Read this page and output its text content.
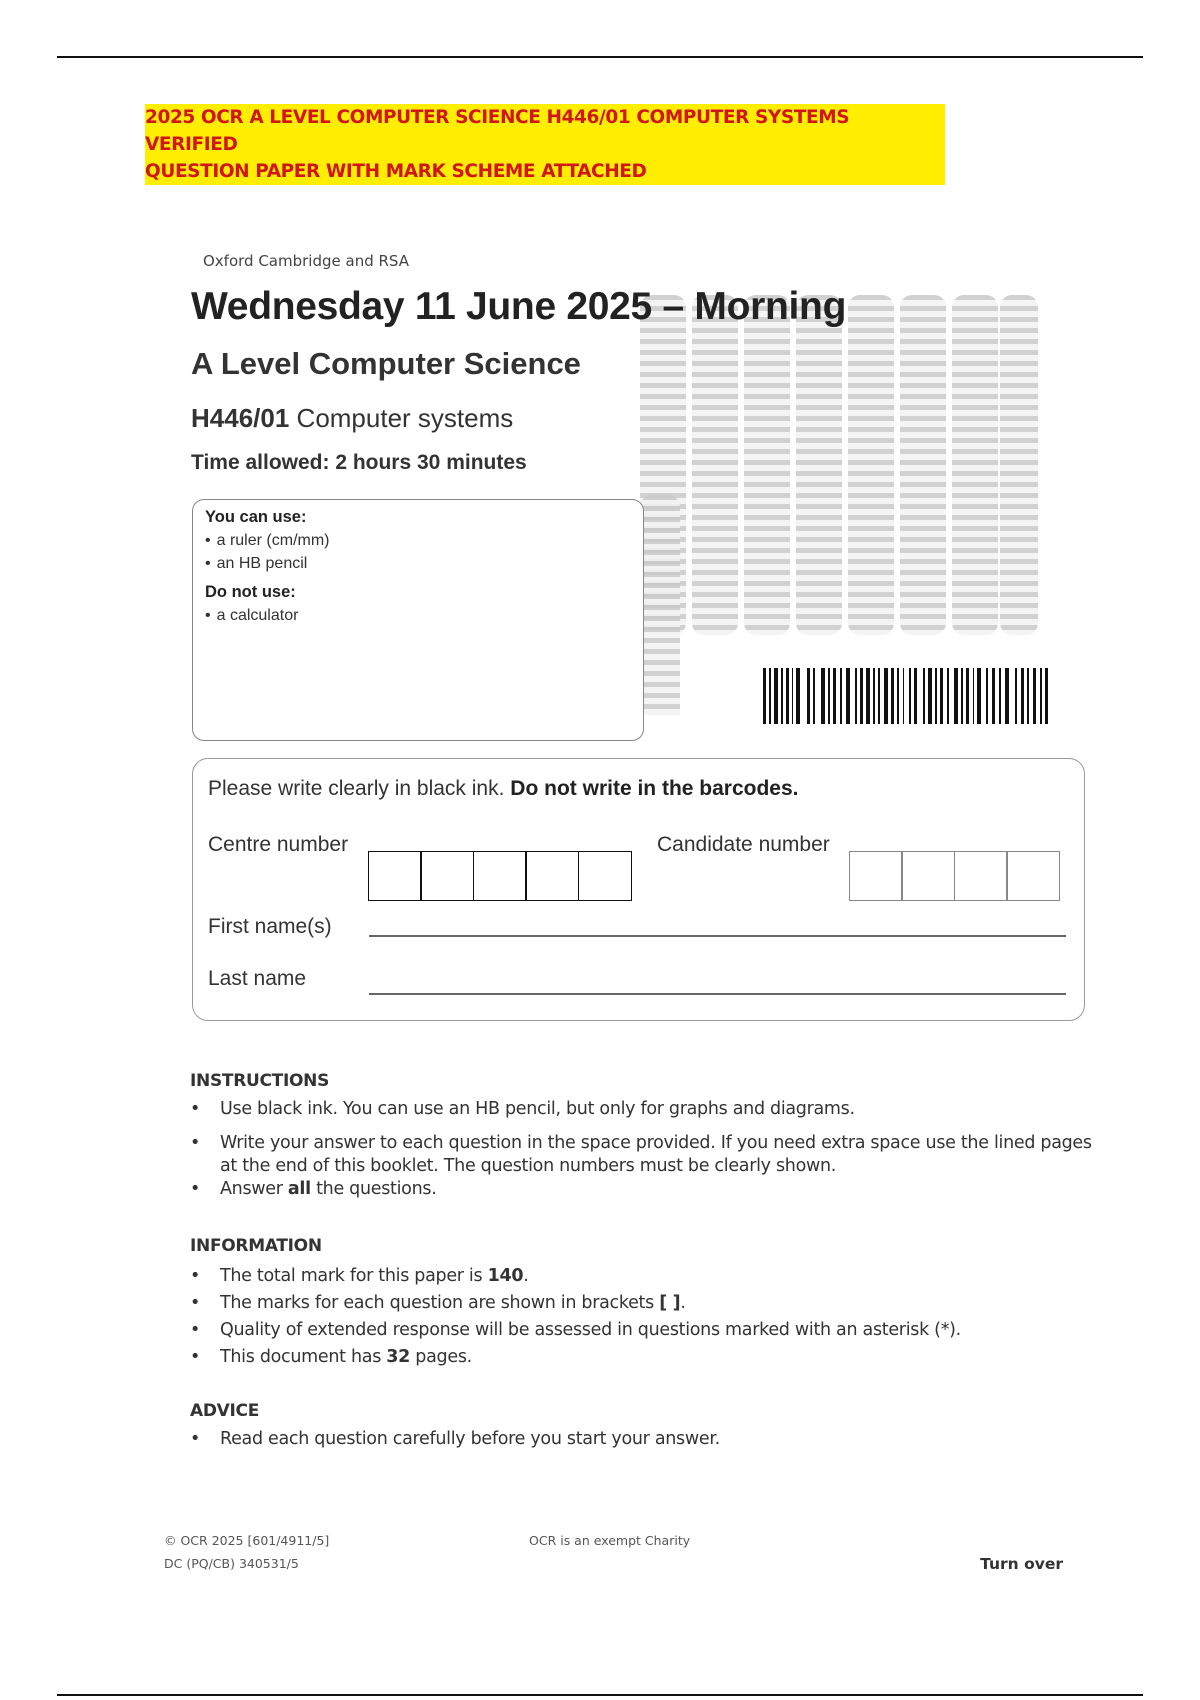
2025 OCR A LEVEL COMPUTER SCIENCE H446/01 COMPUTER SYSTEMS VERIFIED
QUESTION PAPER WITH MARK SCHEME ATTACHED
Oxford Cambridge and RSA
Wednesday 11 June 2025 – Morning
A Level Computer Science
H446/01 Computer systems
Time allowed: 2 hours 30 minutes
You can use:
• a ruler (cm/mm)
• an HB pencil
Do not use:
• a calculator
Please write clearly in black ink. Do not write in the barcodes.
Centre number	Candidate number
First name(s)
Last name
INSTRUCTIONS
• Use black ink. You can use an HB pencil, but only for graphs and diagrams.
• Write your answer to each question in the space provided. If you need extra space use the lined pages at the end of this booklet. The question numbers must be clearly shown.
• Answer all the questions.
INFORMATION
• The total mark for this paper is 140.
• The marks for each question are shown in brackets [ ].
• Quality of extended response will be assessed in questions marked with an asterisk (*).
• This document has 32 pages.
ADVICE
• Read each question carefully before you start your answer.
© OCR 2025 [601/4911/5]
DC (PQ/CB) 340531/5
OCR is an exempt Charity
Turn over
